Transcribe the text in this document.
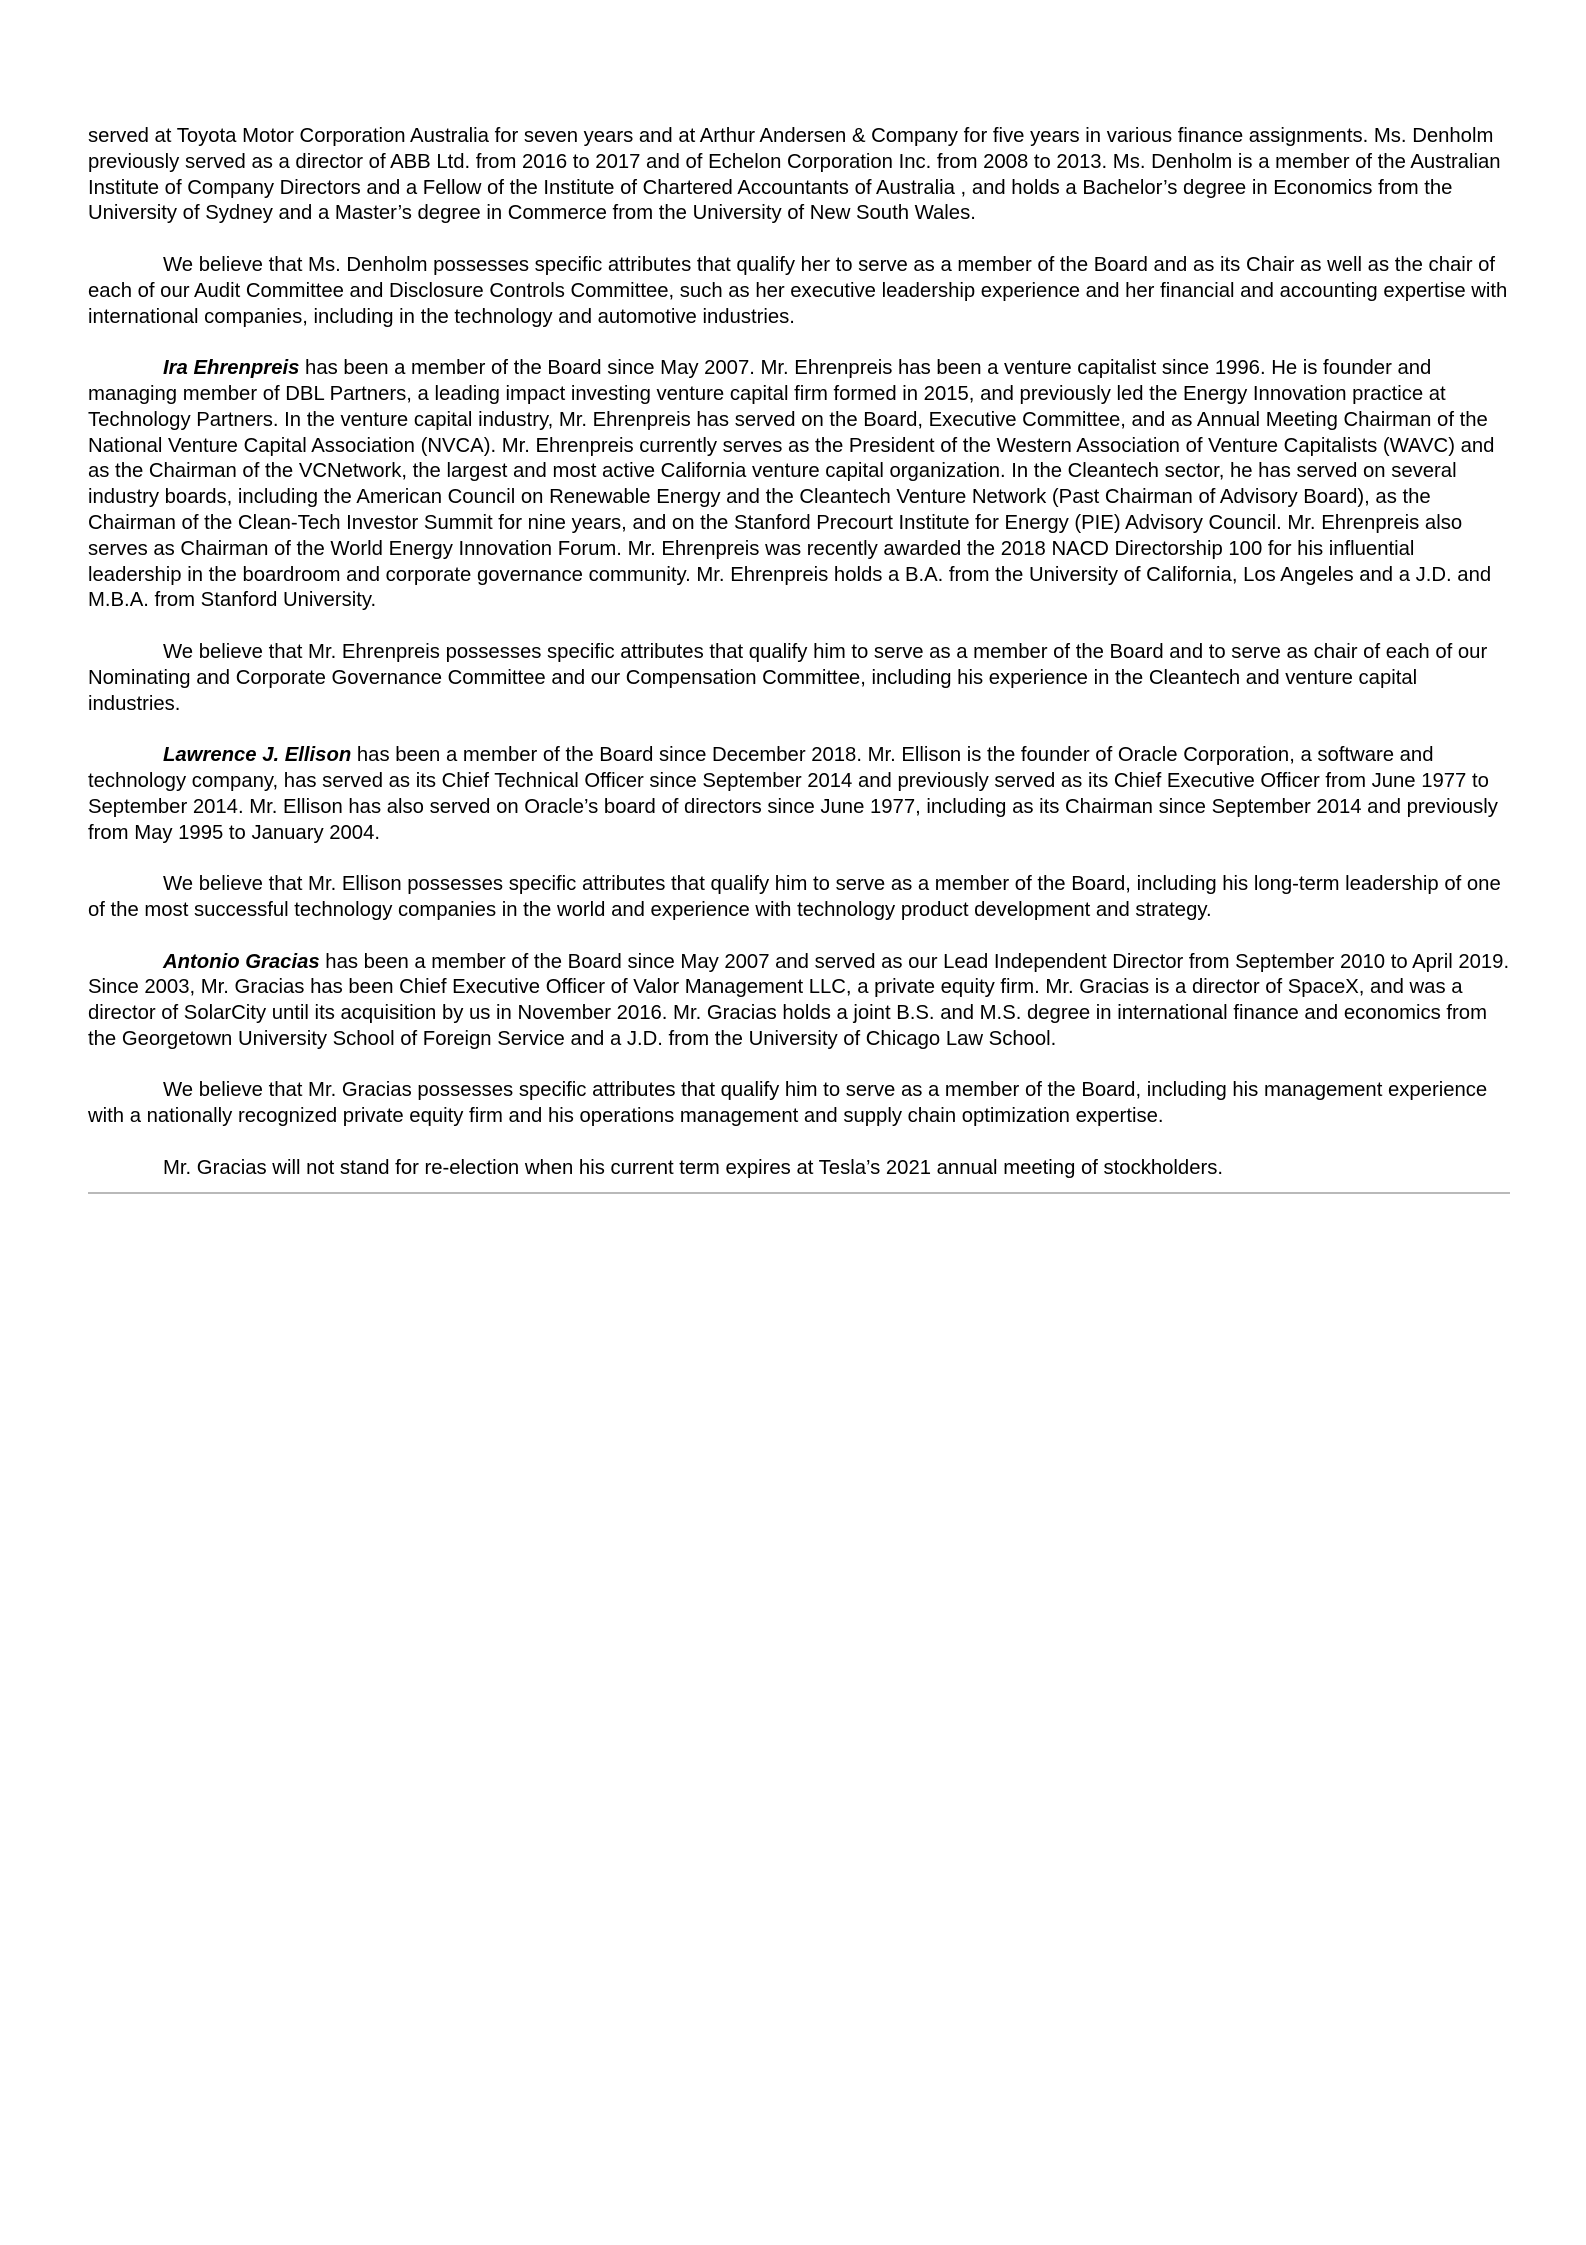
served at Toyota Motor Corporation Australia for seven years and at Arthur Andersen & Company for five years in various finance assignments. Ms. Denholm previously served as a director of ABB Ltd. from 2016 to 2017 and of Echelon Corporation Inc. from 2008 to 2013. Ms. Denholm is a member of the Australian Institute of Company Directors and a Fellow of the Institute of Chartered Accountants of Australia , and holds a Bachelor’s degree in Economics from the University of Sydney and a Master’s degree in Commerce from the University of New South Wales.

We believe that Ms. Denholm possesses specific attributes that qualify her to serve as a member of the Board and as its Chair as well as the chair of each of our Audit Committee and Disclosure Controls Committee, such as her executive leadership experience and her financial and accounting expertise with international companies, including in the technology and automotive industries.

Ira Ehrenpreis has been a member of the Board since May 2007. Mr. Ehrenpreis has been a venture capitalist since 1996. He is founder and managing member of DBL Partners, a leading impact investing venture capital firm formed in 2015, and previously led the Energy Innovation practice at Technology Partners. In the venture capital industry, Mr. Ehrenpreis has served on the Board, Executive Committee, and as Annual Meeting Chairman of the National Venture Capital Association (NVCA). Mr. Ehrenpreis currently serves as the President of the Western Association of Venture Capitalists (WAVC) and as the Chairman of the VCNetwork, the largest and most active California venture capital organization. In the Cleantech sector, he has served on several industry boards, including the American Council on Renewable Energy and the Cleantech Venture Network (Past Chairman of Advisory Board), as the Chairman of the Clean-Tech Investor Summit for nine years, and on the Stanford Precourt Institute for Energy (PIE) Advisory Council. Mr. Ehrenpreis also serves as Chairman of the World Energy Innovation Forum. Mr. Ehrenpreis was recently awarded the 2018 NACD Directorship 100 for his influential leadership in the boardroom and corporate governance community. Mr. Ehrenpreis holds a B.A. from the University of California, Los Angeles and a J.D. and M.B.A. from Stanford University.

We believe that Mr. Ehrenpreis possesses specific attributes that qualify him to serve as a member of the Board and to serve as chair of each of our Nominating and Corporate Governance Committee and our Compensation Committee, including his experience in the Cleantech and venture capital industries.

Lawrence J. Ellison has been a member of the Board since December 2018. Mr. Ellison is the founder of Oracle Corporation, a software and technology company, has served as its Chief Technical Officer since September 2014 and previously served as its Chief Executive Officer from June 1977 to September 2014. Mr. Ellison has also served on Oracle’s board of directors since June 1977, including as its Chairman since September 2014 and previously from May 1995 to January 2004.

We believe that Mr. Ellison possesses specific attributes that qualify him to serve as a member of the Board, including his long-term leadership of one of the most successful technology companies in the world and experience with technology product development and strategy.

Antonio Gracias has been a member of the Board since May 2007 and served as our Lead Independent Director from September 2010 to April 2019. Since 2003, Mr. Gracias has been Chief Executive Officer of Valor Management LLC, a private equity firm. Mr. Gracias is a director of SpaceX, and was a director of SolarCity until its acquisition by us in November 2016. Mr. Gracias holds a joint B.S. and M.S. degree in international finance and economics from the Georgetown University School of Foreign Service and a J.D. from the University of Chicago Law School.

We believe that Mr. Gracias possesses specific attributes that qualify him to serve as a member of the Board, including his management experience with a nationally recognized private equity firm and his operations management and supply chain optimization expertise.

Mr. Gracias will not stand for re-election when his current term expires at Tesla’s 2021 annual meeting of stockholders.
